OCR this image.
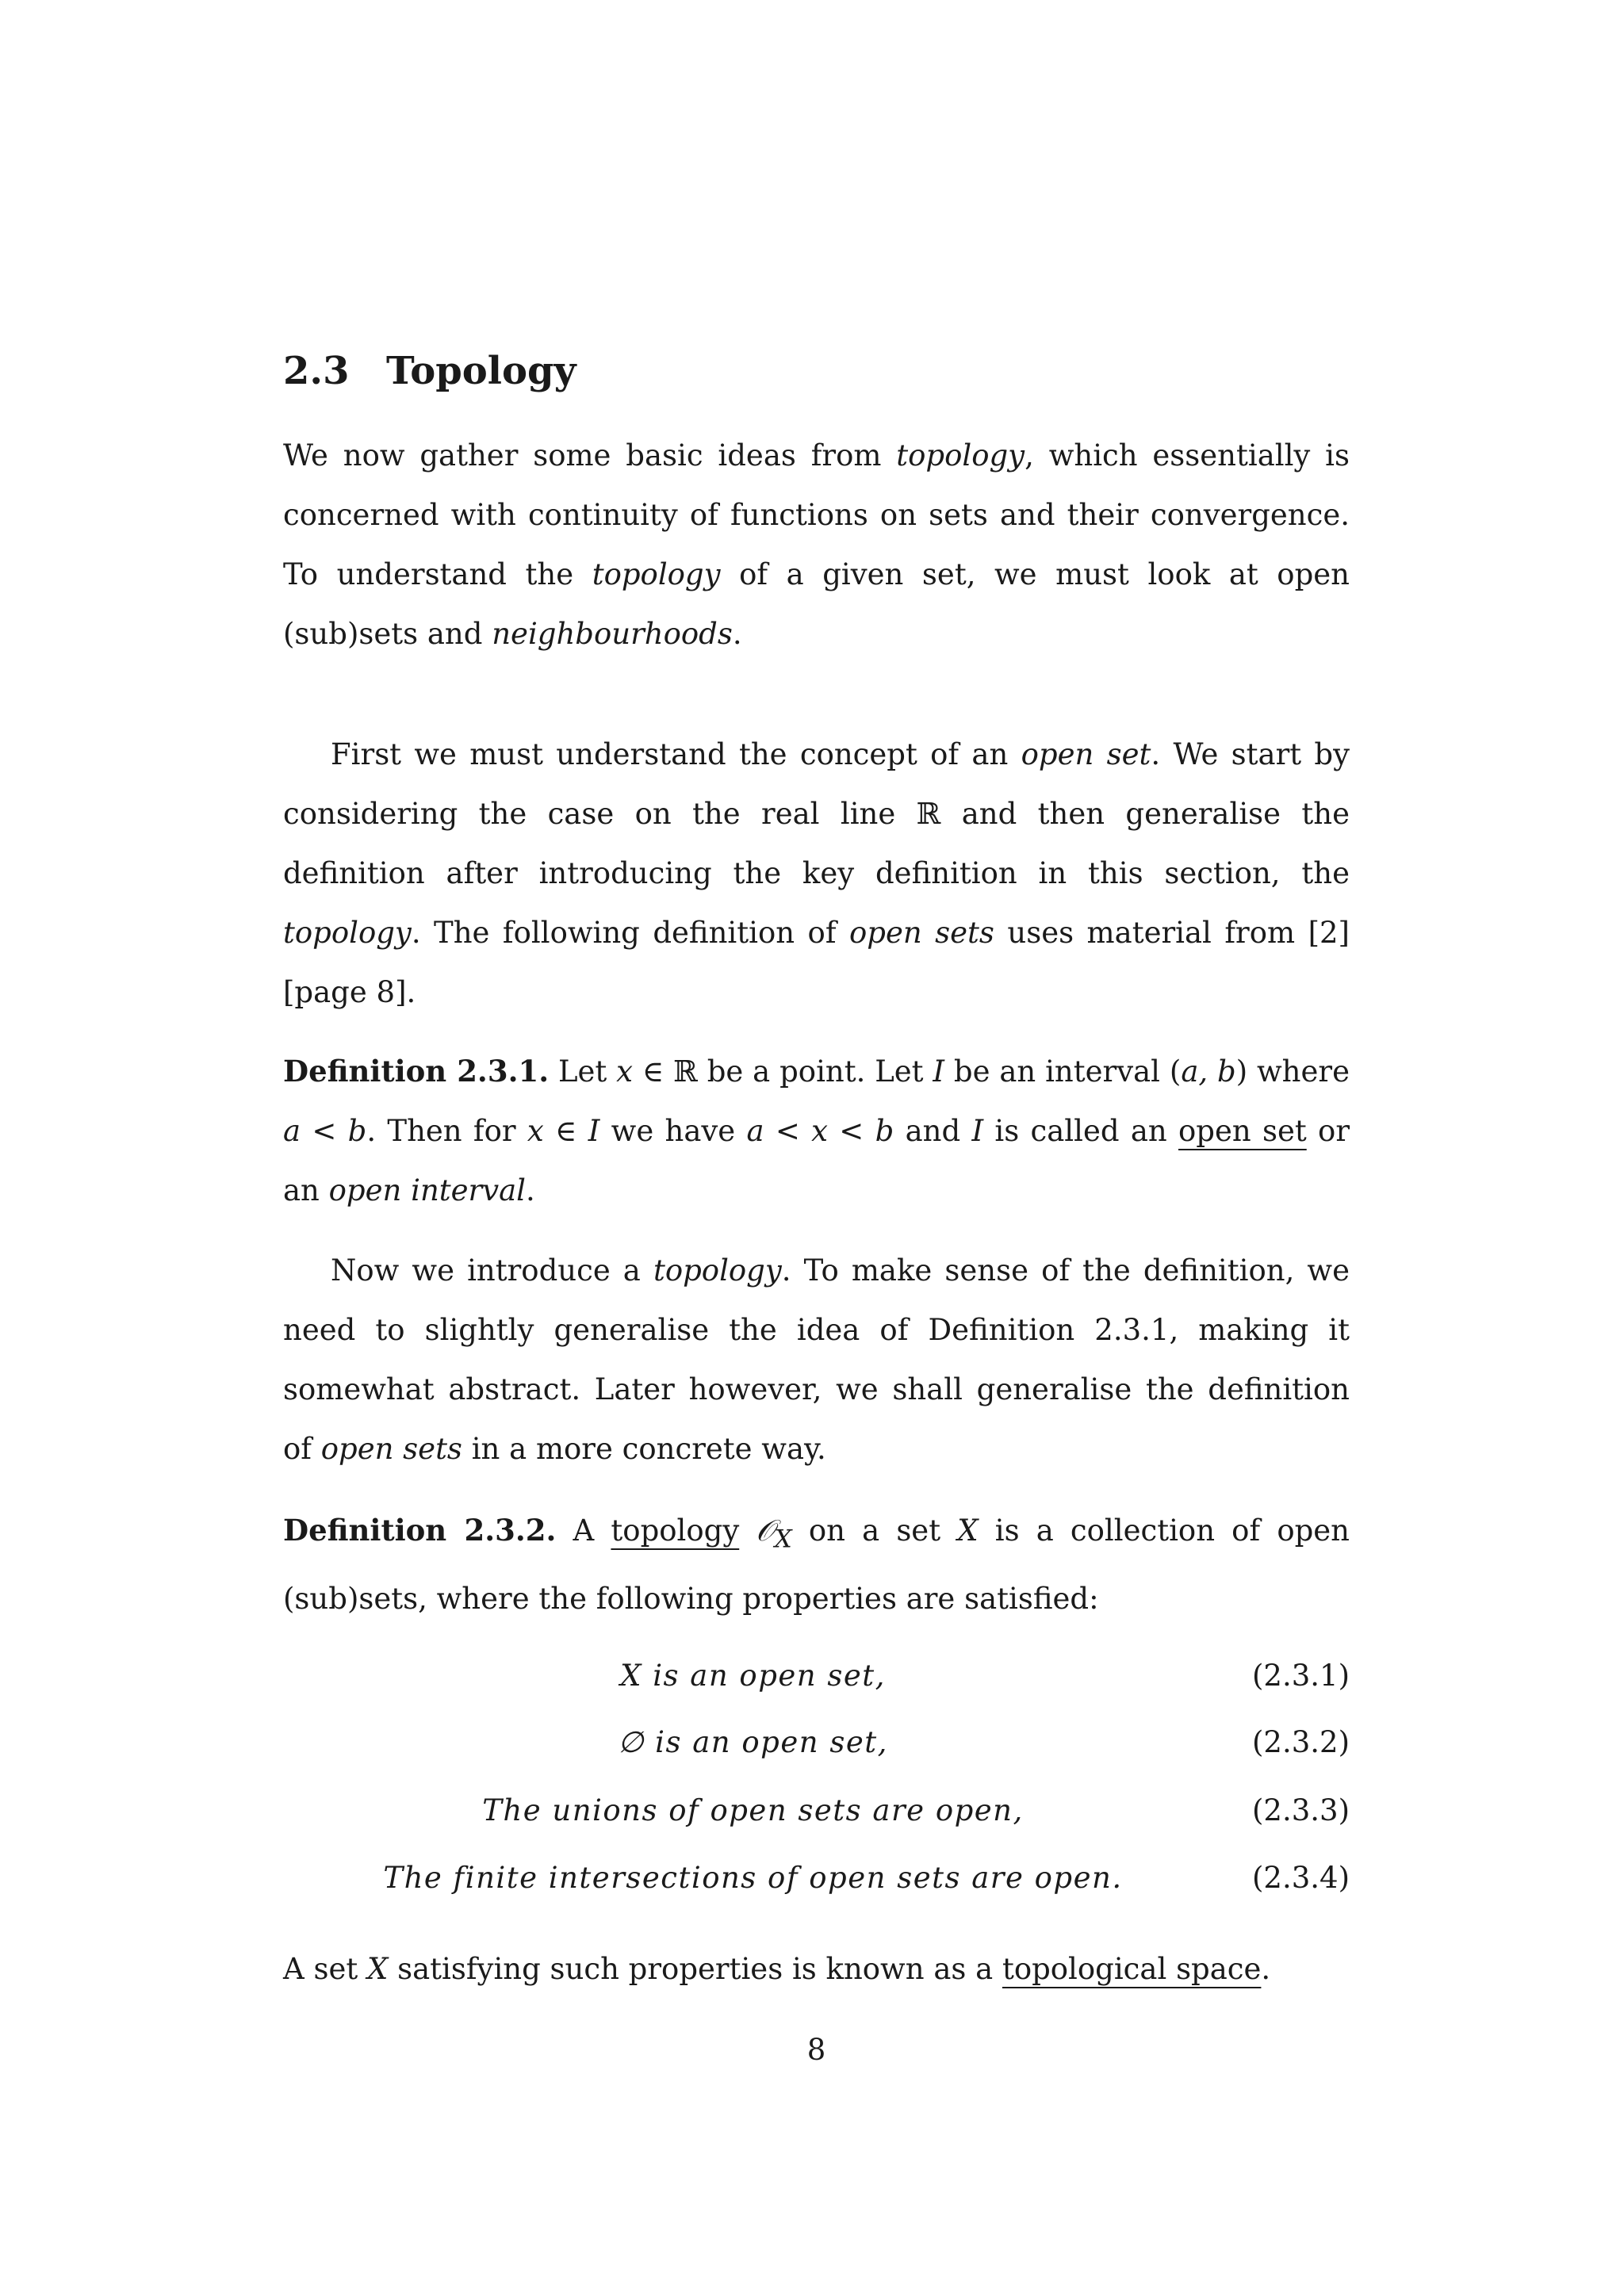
2.3 Topology

We now gather some basic ideas from topology, which essentially is concerned with continuity of functions on sets and their convergence. To understand the topology of a given set, we must look at open (sub)sets and neighbourhoods.

First we must understand the concept of an open set. We start by considering the case on the real line ℝ and then generalise the definition after introducing the key definition in this section, the topology. The following definition of open sets uses material from [2][page 8].

Definition 2.3.1. Let x ∈ ℝ be a point. Let I be an interval (a, b) where a < b. Then for x ∈ I we have a < x < b and I is called an open set or an open interval.

Now we introduce a topology. To make sense of the definition, we need to slightly generalise the idea of Definition 2.3.1, making it somewhat abstract. Later however, we shall generalise the definition of open sets in a more concrete way.

Definition 2.3.2. A topology 𝒪$_X$ on a set X is a collection of open (sub)sets, where the following properties are satisfied:

X is an open set,	(2.3.1)
∅ is an open set,	(2.3.2)
The unions of open sets are open,	(2.3.3)
The finite intersections of open sets are open.	(2.3.4)

A set X satisfying such properties is known as a topological space.

8
